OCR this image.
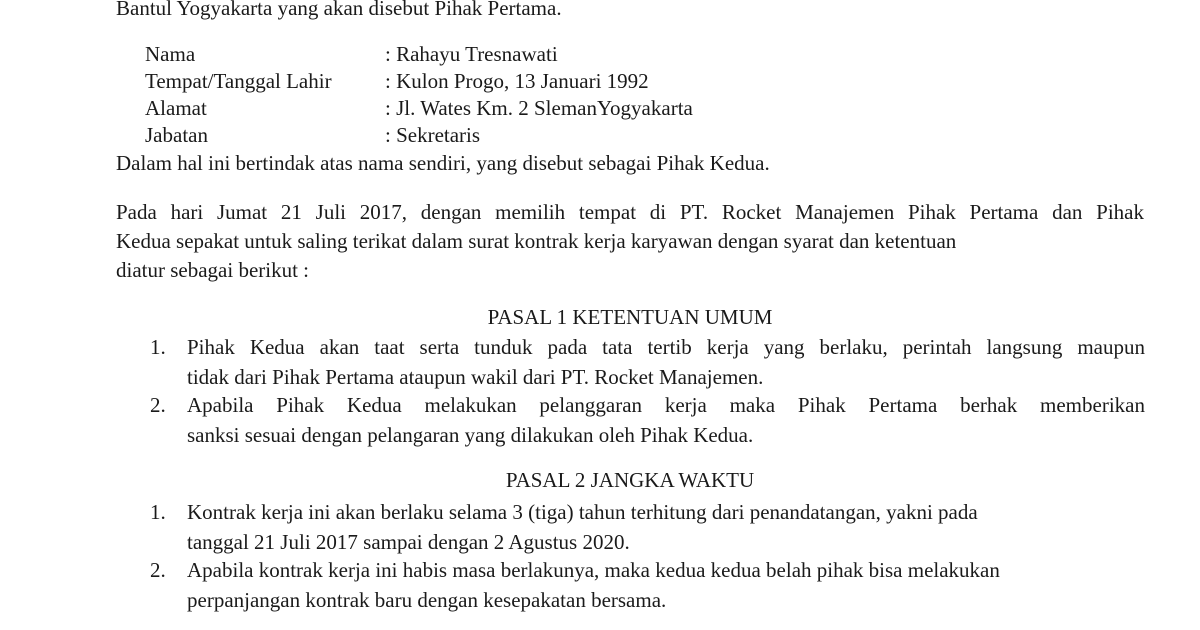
Bantul Yogyakarta yang akan disebut Pihak Pertama.
Nama	: Rahayu Tresnawati
Tempat/Tanggal Lahir	: Kulon Progo, 13 Januari 1992
Alamat	: Jl. Wates Km. 2 SlemanYogyakarta
Jabatan	: Sekretaris
Dalam hal ini bertindak atas nama sendiri, yang disebut sebagai Pihak Kedua.
Pada hari Jumat 21 Juli 2017, dengan memilih tempat di PT. Rocket Manajemen Pihak Pertama dan Pihak
Kedua sepakat untuk saling terikat dalam surat kontrak kerja karyawan dengan syarat dan ketentuan
diatur sebagai berikut :
PASAL 1 KETENTUAN UMUM
1. Pihak Kedua akan taat serta tunduk pada tata tertib kerja yang berlaku, perintah langsung maupun
tidak dari Pihak Pertama ataupun wakil dari PT. Rocket Manajemen.
2. Apabila Pihak Kedua melakukan pelanggaran kerja maka Pihak Pertama berhak memberikan
sanksi sesuai dengan pelangaran yang dilakukan oleh Pihak Kedua.
PASAL 2 JANGKA WAKTU
1. Kontrak kerja ini akan berlaku selama 3 (tiga) tahun terhitung dari penandatangan, yakni pada
tanggal 21 Juli 2017 sampai dengan 2 Agustus 2020.
2. Apabila kontrak kerja ini habis masa berlakunya, maka kedua kedua belah pihak bisa melakukan
perpanjangan kontrak baru dengan kesepakatan bersama.
